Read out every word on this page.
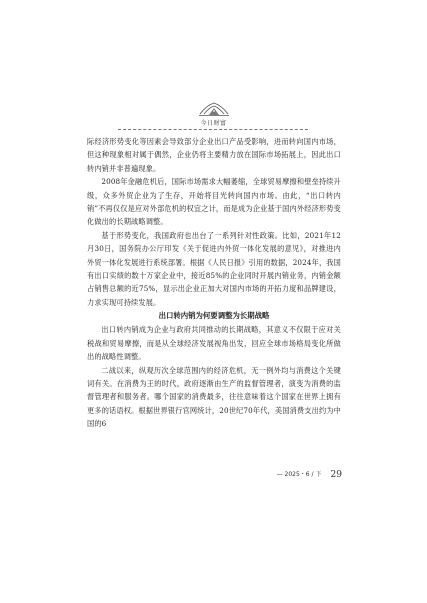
今日财富

际经济形势变化等因素会导致部分企业出口产品受影响，进而转向国内市场，但这种现象相对属于偶然，企业仍将主要精力放在国际市场拓展上，因此出口转内销并非普遍现象。

2008年金融危机后，国际市场需求大幅萎缩，全球贸易摩擦和壁垒持续升级，众多外贸企业为了生存，开始将目光转向国内市场。由此，“出口转内销”不再仅仅是应对外部危机的权宜之计，而是成为企业基于国内外经济形势变化做出的长期战略调整。

基于形势变化，我国政府也出台了一系列针对性政策。比如，2021年12月30日，国务院办公厅印发《关于促进内外贸一体化发展的意见》，对推进内外贸一体化发展进行系统部署。根据《人民日报》引用的数据，2024年，我国有出口实绩的数十万家企业中，接近85%的企业同时开展内销业务，内销金额占销售总额的近75%，显示出企业正加大对国内市场的开拓力度和品牌建设，力求实现可持续发展。

出口转内销为何要调整为长期战略

出口转内销成为企业与政府共同推动的长期战略，其意义不仅限于应对关税战和贸易摩擦，而是从全球经济发展视角出发，回应全球市场格局变化所做出的战略性调整。

二战以来，纵观历次全球范围内的经济危机，无一例外均与消费这个关键词有关。在消费为王的时代，政府逐渐由生产的监督管理者，演变为消费的监督管理者和服务者。哪个国家的消费最多，往往意味着这个国家在世界上拥有更多的话语权。根据世界银行官网统计，20世纪70年代，美国消费支出约为中国的6

— 2025・6 / 下 29
